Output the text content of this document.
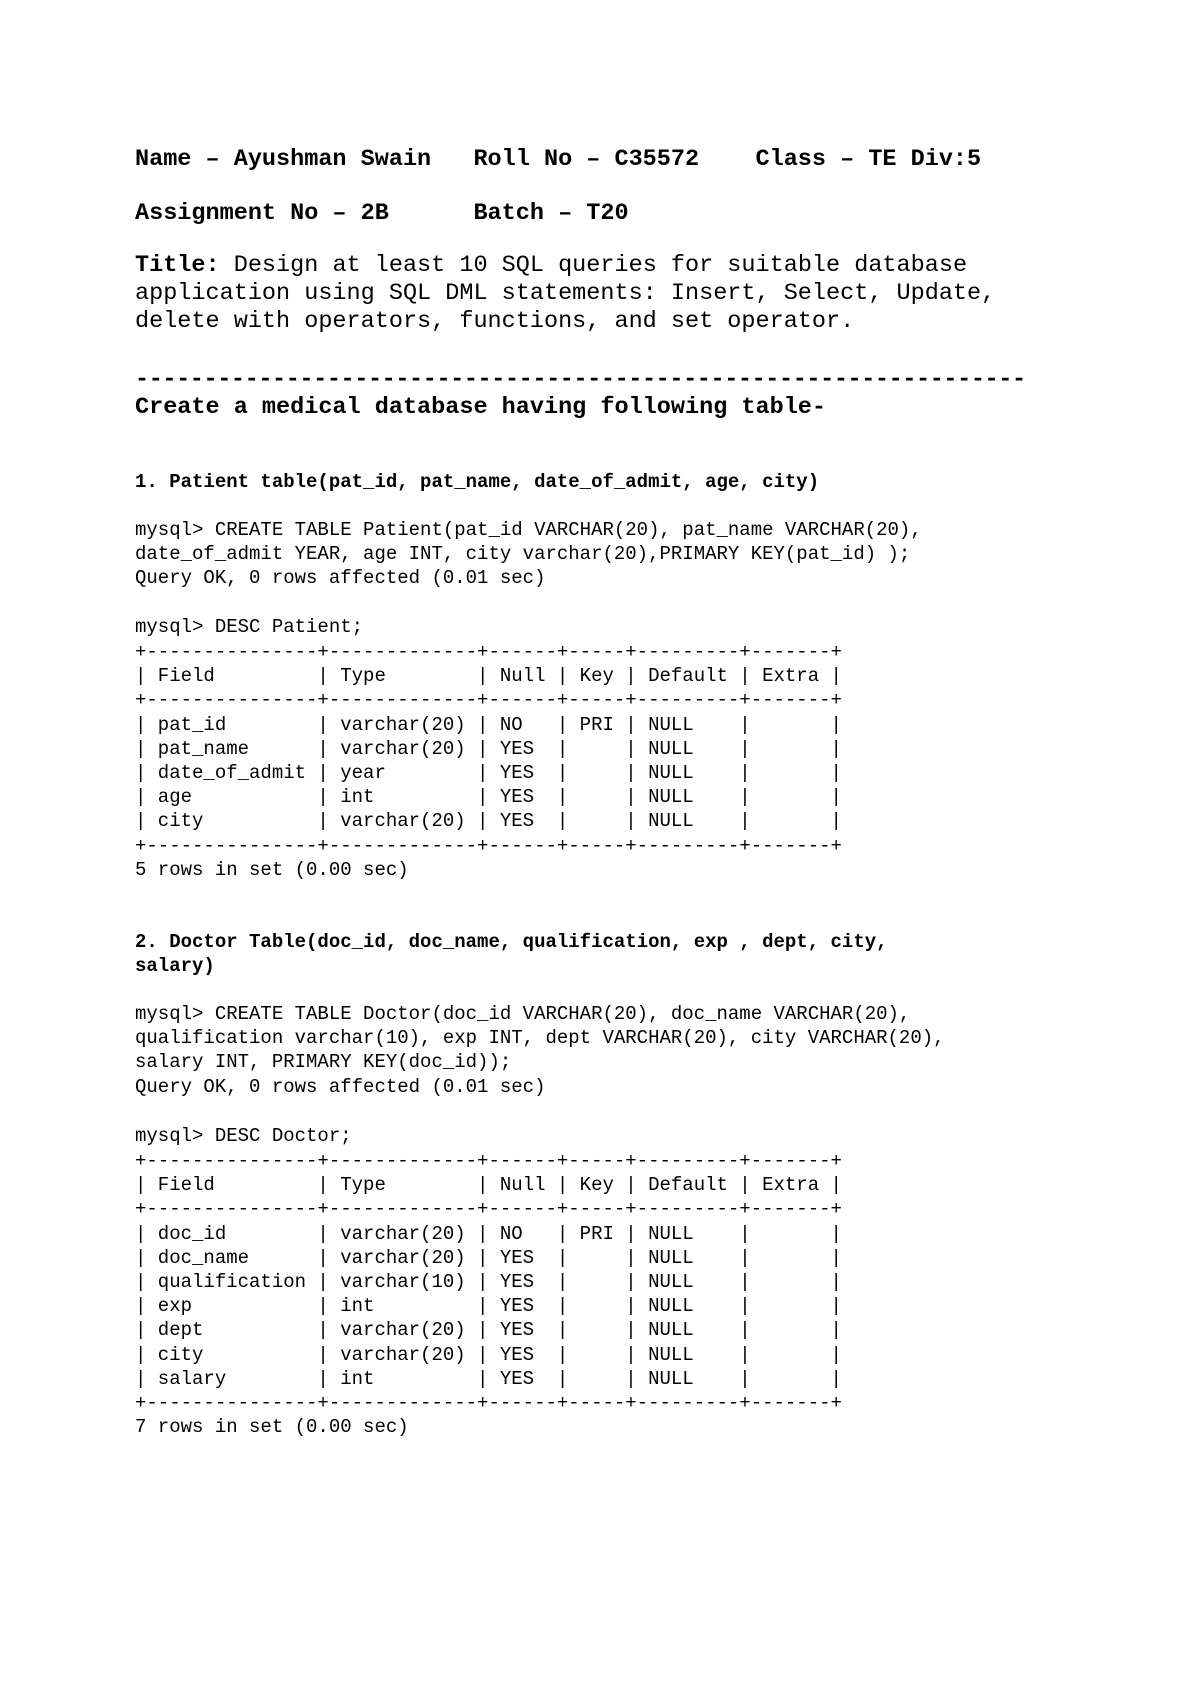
Name – Ayushman Swain   Roll No – C35572    Class – TE Div:5

Assignment No – 2B      Batch – T20

Title: Design at least 10 SQL queries for suitable database
application using SQL DML statements: Insert, Select, Update,
delete with operators, functions, and set operator.

-----------------------------------------------------------------

Create a medical database having following table-

1. Patient table(pat_id, pat_name, date_of_admit, age, city)

mysql> CREATE TABLE Patient(pat_id VARCHAR(20), pat_name VARCHAR(20),
date_of_admit YEAR, age INT, city varchar(20),PRIMARY KEY(pat_id) );
Query OK, 0 rows affected (0.01 sec)

mysql> DESC Patient;

+---------------+-------------+------+-----+---------+-------+
| Field         | Type        | Null | Key | Default | Extra |
+---------------+-------------+------+-----+---------+-------+
| pat_id        | varchar(20) | NO   | PRI | NULL    |       |
| pat_name      | varchar(20) | YES  |     | NULL    |       |
| date_of_admit | year        | YES  |     | NULL    |       |
| age           | int         | YES  |     | NULL    |       |
| city          | varchar(20) | YES  |     | NULL    |       |
+---------------+-------------+------+-----+---------+-------+
5 rows in set (0.00 sec)

2. Doctor Table(doc_id, doc_name, qualification, exp , dept, city,
salary)

mysql> CREATE TABLE Doctor(doc_id VARCHAR(20), doc_name VARCHAR(20),
qualification varchar(10), exp INT, dept VARCHAR(20), city VARCHAR(20),
salary INT, PRIMARY KEY(doc_id));
Query OK, 0 rows affected (0.01 sec)

mysql> DESC Doctor;

+---------------+-------------+------+-----+---------+-------+
| Field         | Type        | Null | Key | Default | Extra |
+---------------+-------------+------+-----+---------+-------+
| doc_id        | varchar(20) | NO   | PRI | NULL    |       |
| doc_name      | varchar(20) | YES  |     | NULL    |       |
| qualification | varchar(10) | YES  |     | NULL    |       |
| exp           | int         | YES  |     | NULL    |       |
| dept          | varchar(20) | YES  |     | NULL    |       |
| city          | varchar(20) | YES  |     | NULL    |       |
| salary        | int         | YES  |     | NULL    |       |
+---------------+-------------+------+-----+---------+-------+
7 rows in set (0.00 sec)
